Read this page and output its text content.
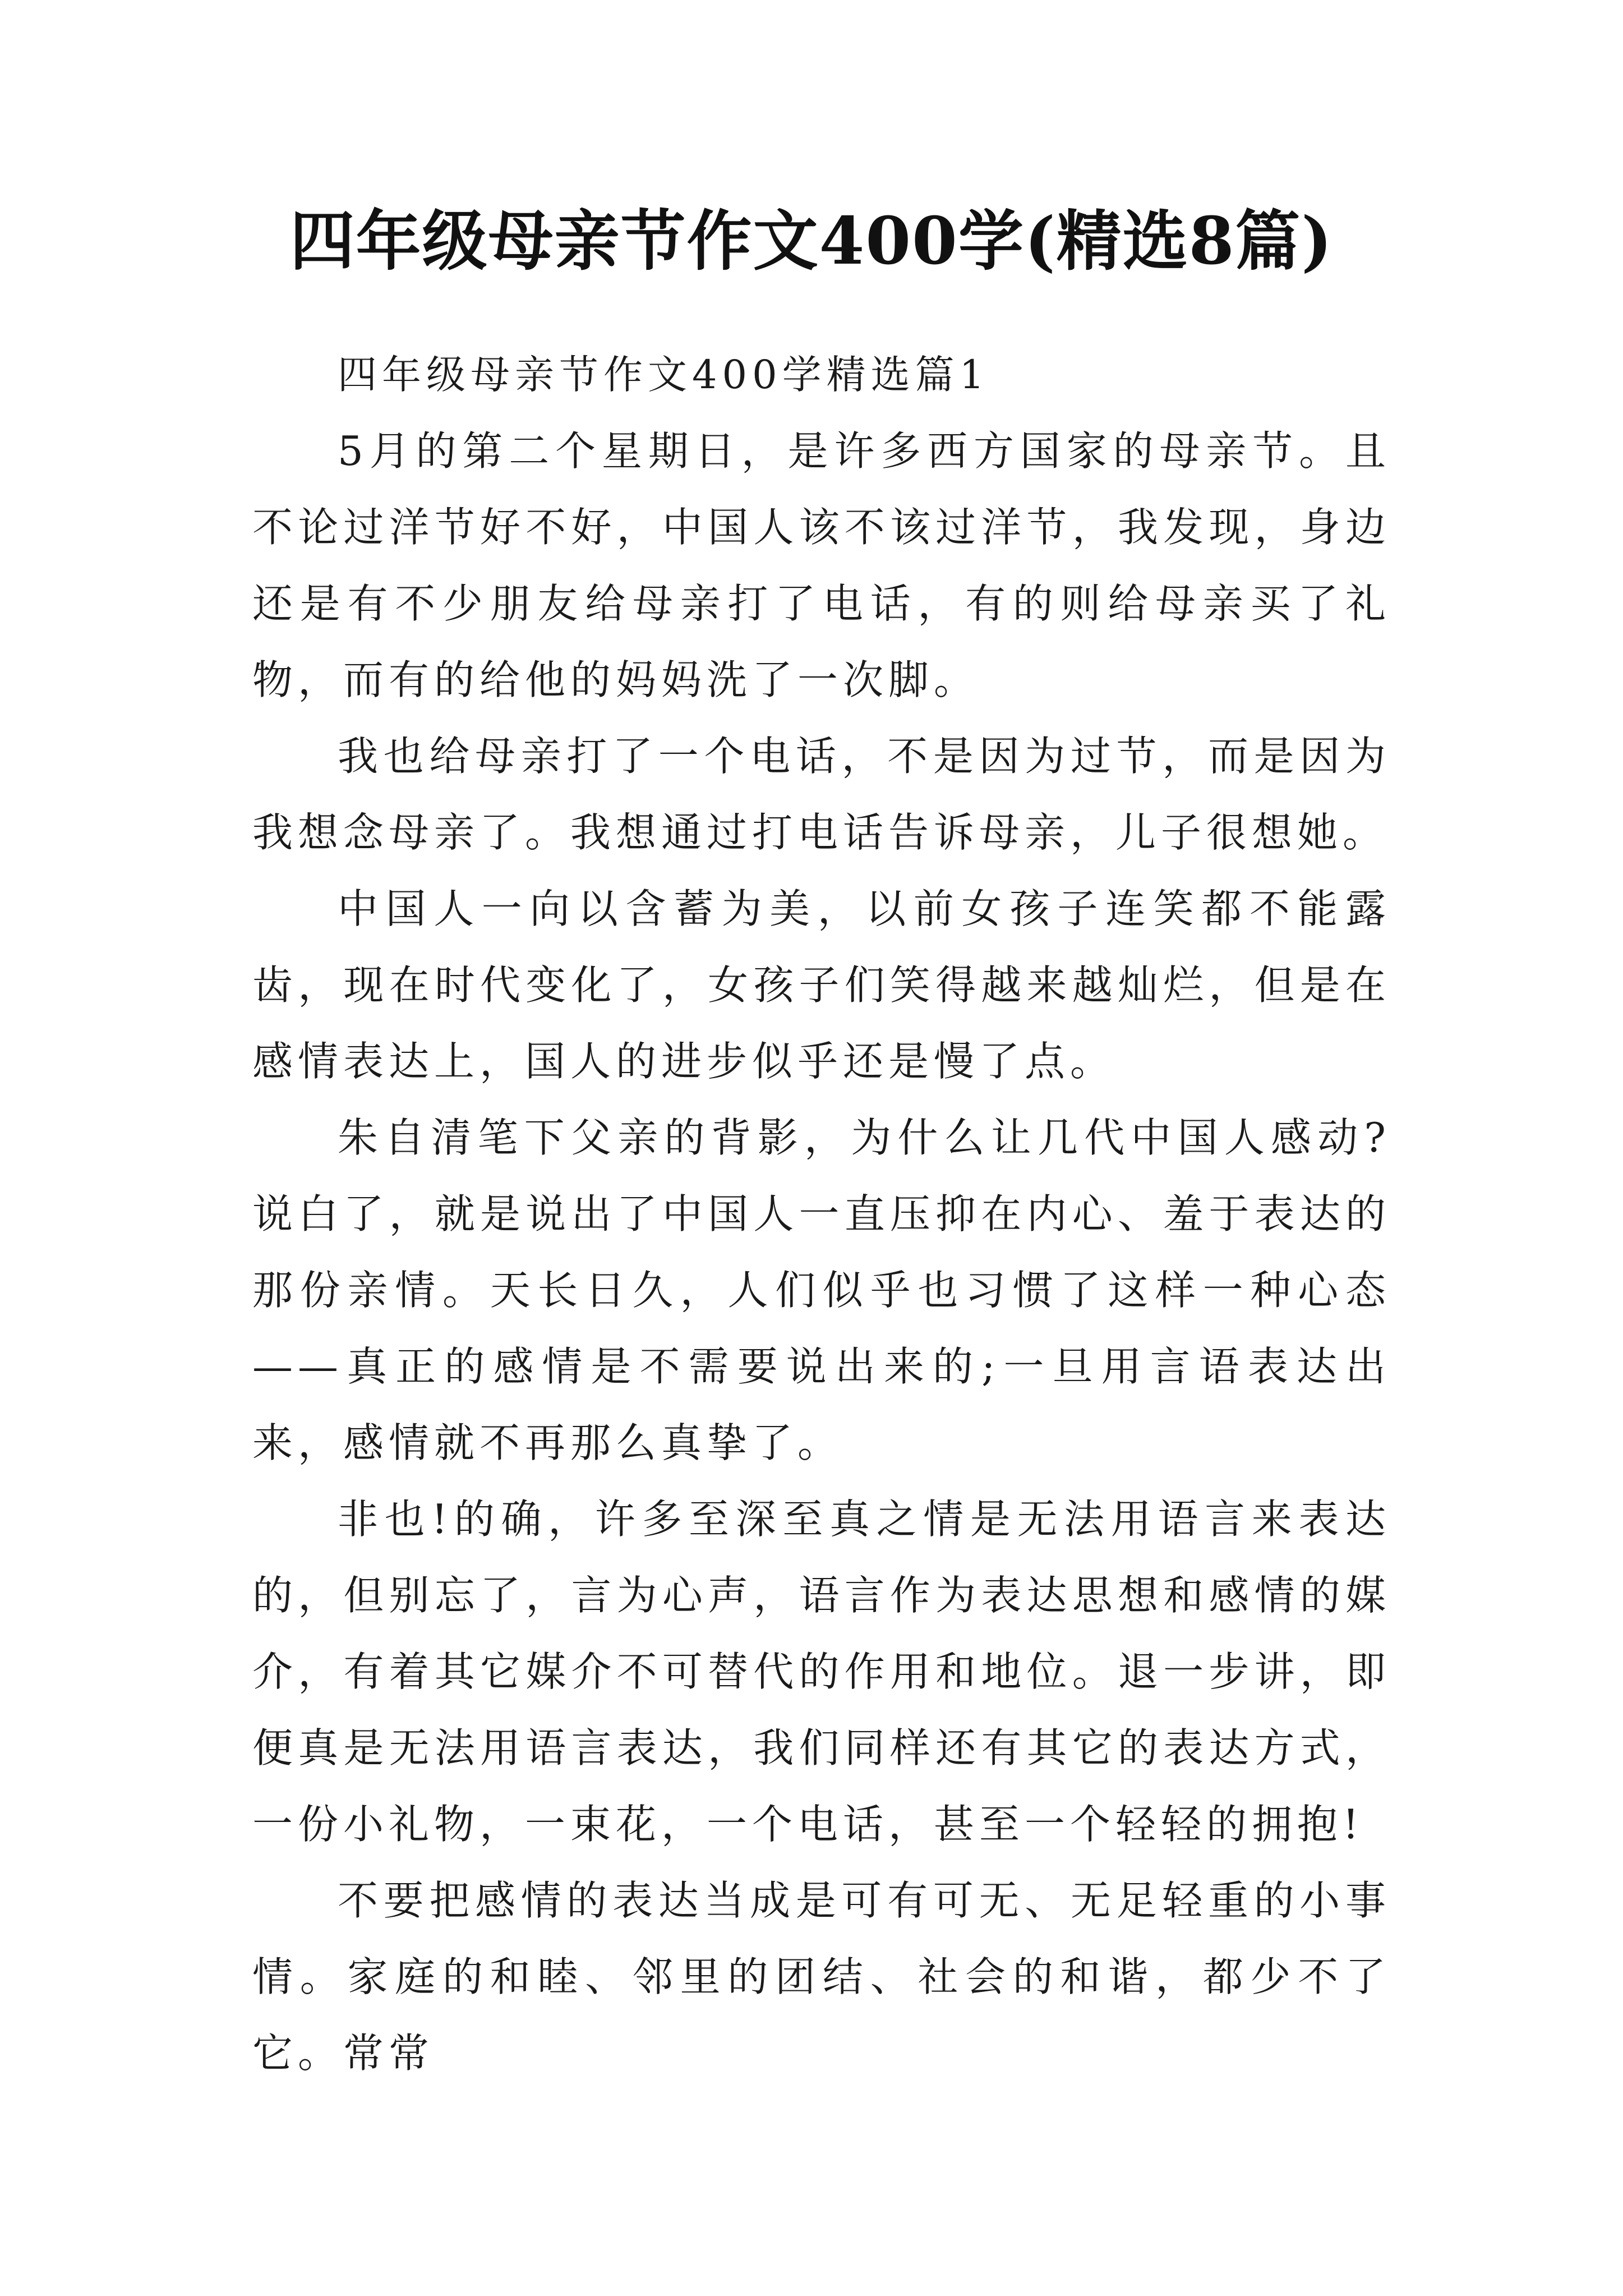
四年级母亲节作文400学(精选8篇)

四年级母亲节作文400学精选篇1

5月的第二个星期日，是许多西方国家的母亲节。且不论过洋节好不好，中国人该不该过洋节，我发现，身边还是有不少朋友给母亲打了电话，有的则给母亲买了礼物，而有的给他的妈妈洗了一次脚。

我也给母亲打了一个电话，不是因为过节，而是因为我想念母亲了。我想通过打电话告诉母亲，儿子很想她。

中国人一向以含蓄为美，以前女孩子连笑都不能露齿，现在时代变化了，女孩子们笑得越来越灿烂，但是在感情表达上，国人的进步似乎还是慢了点。

朱自清笔下父亲的背影，为什么让几代中国人感动?说白了，就是说出了中国人一直压抑在内心、羞于表达的那份亲情。天长日久，人们似乎也习惯了这样一种心态——真正的感情是不需要说出来的;一旦用言语表达出来，感情就不再那么真挚了。

非也!的确，许多至深至真之情是无法用语言来表达的，但别忘了，言为心声，语言作为表达思想和感情的媒介，有着其它媒介不可替代的作用和地位。退一步讲，即便真是无法用语言表达，我们同样还有其它的表达方式，一份小礼物，一束花，一个电话，甚至一个轻轻的拥抱!

不要把感情的表达当成是可有可无、无足轻重的小事情。家庭的和睦、邻里的团结、社会的和谐，都少不了它。常常
